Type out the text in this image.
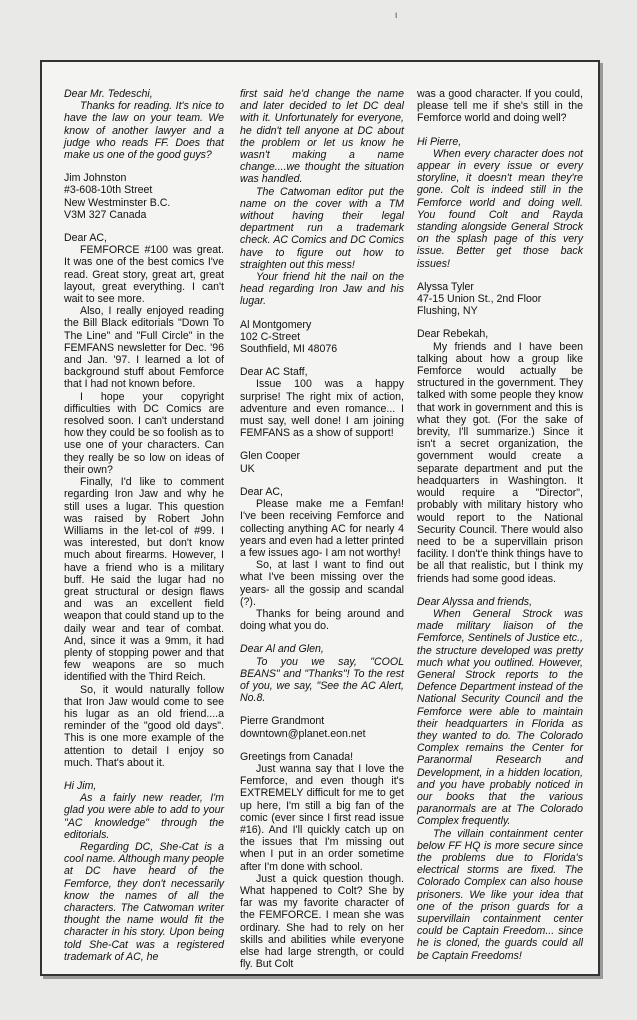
ι

Dear Mr. Tedeschi,

Thanks for reading. It's nice to have the law on your team. We know of another lawyer and a judge who reads FF. Does that make us one of the good guys?

Jim Johnston
#3-608-10th Street
New Westminster B.C.
V3M 327 Canada

Dear AC,

FEMFORCE #100 was great. It was one of the best comics I've read. Great story, great art, great layout, great everything. I can't wait to see more.

Also, I really enjoyed reading the Bill Black editorials "Down To The Line" and "Full Circle" in the FEMFANS newsletter for Dec. '96 and Jan. '97. I learned a lot of background stuff about Femforce that I had not known before.

I hope your copyright difficulties with DC Comics are resolved soon. I can't understand how they could be so foolish as to use one of your characters. Can they really be so low on ideas of their own?

Finally, I'd like to comment regarding Iron Jaw and why he still uses a lugar. This question was raised by Robert John Williams in the let-col of #99. I was interested, but don't know much about firearms. However, I have a friend who is a military buff. He said the lugar had no great structural or design flaws and was an excellent field weapon that could stand up to the daily wear and tear of combat. And, since it was a 9mm, it had plenty of stopping power and that few weapons are so much identified with the Third Reich.

So, it would naturally follow that Iron Jaw would come to see his lugar as an old friend....a reminder of the "good old days". This is one more example of the attention to detail I enjoy so much. That's about it.

Hi Jim,

As a fairly new reader, I'm glad you were able to add to your "AC knowledge" through the editorials.

Regarding DC, She-Cat is a cool name. Although many people at DC have heard of the Femforce, they don't necessarily know the names of all the characters. The Catwoman writer thought the name would fit the character in his story. Upon being told She-Cat was a registered trademark of AC, he

first said he'd change the name and later decided to let DC deal with it. Unfortunately for everyone, he didn't tell anyone at DC about the problem or let us know he wasn't making a name change....we thought the situation was handled.

The Catwoman editor put the name on the cover with a TM without having their legal department run a trademark check. AC Comics and DC Comics have to figure out how to straighten out this mess!

Your friend hit the nail on the head regarding Iron Jaw and his lugar.

Al Montgomery
102 C-Street
Southfield, MI 48076

Dear AC Staff,

Issue 100 was a happy surprise! The right mix of action, adventure and even romance... I must say, well done! I am joining FEMFANS as a show of support!

Glen Cooper
UK

Dear AC,

Please make me a Femfan! I've been receiving Femforce and collecting anything AC for nearly 4 years and even had a letter printed a few issues ago- I am not worthy!

So, at last I want to find out what I've been missing over the years- all the gossip and scandal (?).

Thanks for being around and doing what you do.

Dear Al and Glen,

To you we say, "COOL BEANS" and "Thanks"! To the rest of you, we say, "See the AC Alert, No.8.

Pierre Grandmont
downtown@planet.eon.net

Greetings from Canada!

Just wanna say that I love the Femforce, and even though it's EXTREMELY difficult for me to get up here, I'm still a big fan of the comic (ever since I first read issue #16). And I'll quickly catch up on the issues that I'm missing out when I put in an order sometime after I'm done with school.

Just a quick question though. What happened to Colt? She by far was my favorite character of the FEMFORCE. I mean she was ordinary. She had to rely on her skills and abilities while everyone else had large strength, or could fly. But Colt

was a good character. If you could, please tell me if she's still in the Femforce world and doing well?

Hi Pierre,

When every character does not appear in every issue or every storyline, it doesn't mean they're gone. Colt is indeed still in the Femforce world and doing well. You found Colt and Rayda standing alongside General Strock on the splash page of this very issue. Better get those back issues!

Alyssa Tyler
47-15 Union St., 2nd Floor
Flushing, NY

Dear Rebekah,

My friends and I have been talking about how a group like Femforce would actually be structured in the government. They talked with some people they know that work in government and this is what they got. (For the sake of brevity, I'll summarize.) Since it isn't a secret organization, the government would create a separate department and put the headquarters in Washington. It would require a "Director", probably with military history who would report to the National Security Council. There would also need to be a supervillain prison facility. I don't'e think things have to be all that realistic, but I think my friends had some good ideas.

Dear Alyssa and friends,

When General Strock was made military liaison of the Femforce, Sentinels of Justice etc., the structure developed was pretty much what you outlined. However, General Strock reports to the Defence Department instead of the National Security Council and the Femforce were able to maintain their headquarters in Florida as they wanted to do. The Colorado Complex remains the Center for Paranormal Research and Development, in a hidden location, and you have probably noticed in our books that the various paranormals are at The Colorado Complex frequently.

The villain containment center below FF HQ is more secure since the problems due to Florida's electrical storms are fixed. The Colorado Complex can also house prisoners. We like your idea that one of the prison guards for a supervillain containment center could be Captain Freedom... since he is cloned, the guards could all be Captain Freedoms!
